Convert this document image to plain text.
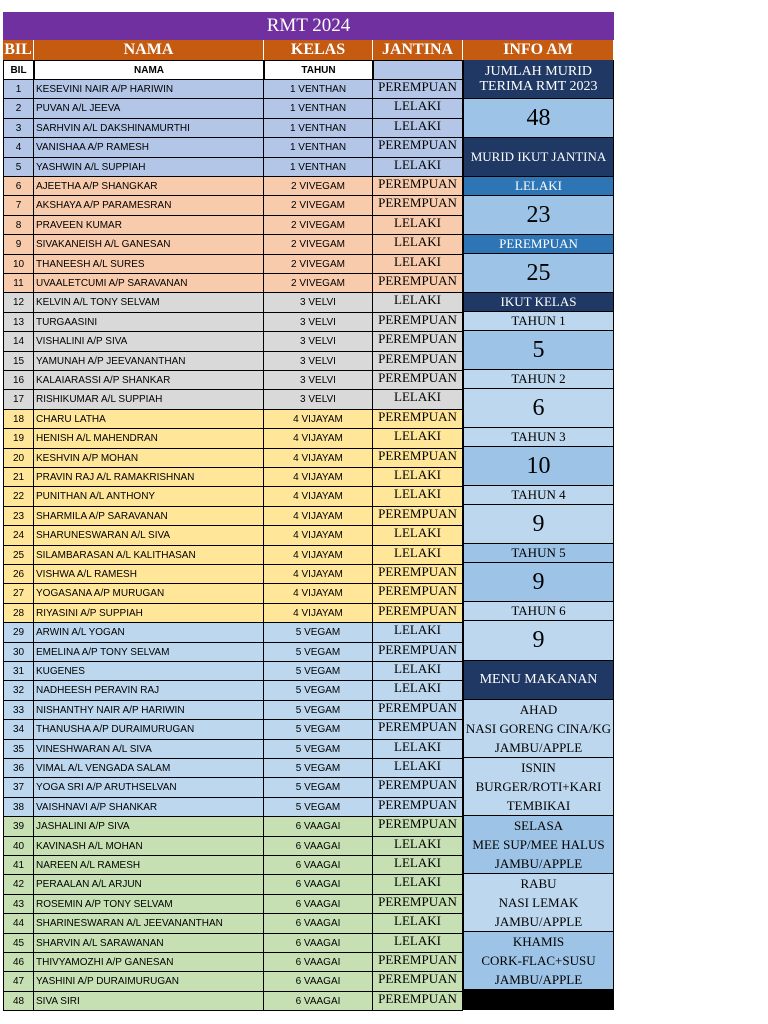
RMT 2024
BIL	NAMA	KELAS	JANTINA	INFO AM
BIL	NAMA	TAHUN
1	KESEVINI NAIR A/P HARIWIN	1 VENTHAN	PEREMPUAN
2	PUVAN A/L JEEVA	1 VENTHAN	LELAKI
3	SARHVIN A/L DAKSHINAMURTHI	1 VENTHAN	LELAKI
4	VANISHAA A/P RAMESH	1 VENTHAN	PEREMPUAN
5	YASHWIN A/L SUPPIAH	1 VENTHAN	LELAKI
6	AJEETHA A/P SHANGKAR	2 VIVEGAM	PEREMPUAN
7	AKSHAYA A/P PARAMESRAN	2 VIVEGAM	PEREMPUAN
8	PRAVEEN KUMAR	2 VIVEGAM	LELAKI
9	SIVAKANEISH A/L GANESAN	2 VIVEGAM	LELAKI
10	THANEESH A/L SURES	2 VIVEGAM	LELAKI
11	UVAALETCUMI A/P SARAVANAN	2 VIVEGAM	PEREMPUAN
12	KELVIN A/L TONY SELVAM	3 VELVI	LELAKI
13	TURGAASINI	3 VELVI	PEREMPUAN
14	VISHALINI A/P SIVA	3 VELVI	PEREMPUAN
15	YAMUNAH A/P JEEVANANTHAN	3 VELVI	PEREMPUAN
16	KALAIARASSI A/P SHANKAR	3 VELVI	PEREMPUAN
17	RISHIKUMAR A/L SUPPIAH	3 VELVI	LELAKI
18	CHARU LATHA	4 VIJAYAM	PEREMPUAN
19	HENISH A/L MAHENDRAN	4 VIJAYAM	LELAKI
20	KESHVIN A/P MOHAN	4 VIJAYAM	PEREMPUAN
21	PRAVIN RAJ A/L RAMAKRISHNAN	4 VIJAYAM	LELAKI
22	PUNITHAN A/L ANTHONY	4 VIJAYAM	LELAKI
23	SHARMILA A/P SARAVANAN	4 VIJAYAM	PEREMPUAN
24	SHARUNESWARAN A/L SIVA	4 VIJAYAM	LELAKI
25	SILAMBARASAN A/L KALITHASAN	4 VIJAYAM	LELAKI
26	VISHWA A/L RAMESH	4 VIJAYAM	PEREMPUAN
27	YOGASANA A/P MURUGAN	4 VIJAYAM	PEREMPUAN
28	RIYASINI A/P SUPPIAH	4 VIJAYAM	PEREMPUAN
29	ARWIN A/L YOGAN	5 VEGAM	LELAKI
30	EMELINA A/P TONY SELVAM	5 VEGAM	PEREMPUAN
31	KUGENES	5 VEGAM	LELAKI
32	NADHEESH PERAVIN RAJ	5 VEGAM	LELAKI
33	NISHANTHY NAIR A/P HARIWIN	5 VEGAM	PEREMPUAN
34	THANUSHA A/P DURAIMURUGAN	5 VEGAM	PEREMPUAN
35	VINESHWARAN A/L SIVA	5 VEGAM	LELAKI
36	VIMAL A/L VENGADA SALAM	5 VEGAM	LELAKI
37	YOGA SRI A/P ARUTHSELVAN	5 VEGAM	PEREMPUAN
38	VAISHNAVI A/P SHANKAR	5 VEGAM	PEREMPUAN
39	JASHALINI A/P SIVA	6 VAAGAI	PEREMPUAN
40	KAVINASH A/L MOHAN	6 VAAGAI	LELAKI
41	NAREEN A/L RAMESH	6 VAAGAI	LELAKI
42	PERAALAN A/L ARJUN	6 VAAGAI	LELAKI
43	ROSEMIN A/P TONY SELVAM	6 VAAGAI	PEREMPUAN
44	SHARINESWARAN A/L JEEVANANTHAN	6 VAAGAI	LELAKI
45	SHARVIN A/L SARAWANAN	6 VAAGAI	LELAKI
46	THIVYAMOZHI A/P GANESAN	6 VAAGAI	PEREMPUAN
47	YASHINI A/P DURAIMURUGAN	6 VAAGAI	PEREMPUAN
48	SIVA SIRI	6 VAAGAI	PEREMPUAN
JUMLAH MURID
TERIMA RMT 2023
48
MURID IKUT JANTINA
LELAKI
23
PEREMPUAN
25
IKUT KELAS
TAHUN 1
5
TAHUN 2
6
TAHUN 3
10
TAHUN 4
9
TAHUN 5
9
TAHUN 6
9
MENU MAKANAN
AHAD
NASI GORENG CINA/KG
JAMBU/APPLE
ISNIN
BURGER/ROTI+KARI
TEMBIKAI
SELASA
MEE SUP/MEE HALUS
JAMBU/APPLE
RABU
NASI LEMAK
JAMBU/APPLE
KHAMIS
CORK-FLAC+SUSU
JAMBU/APPLE
